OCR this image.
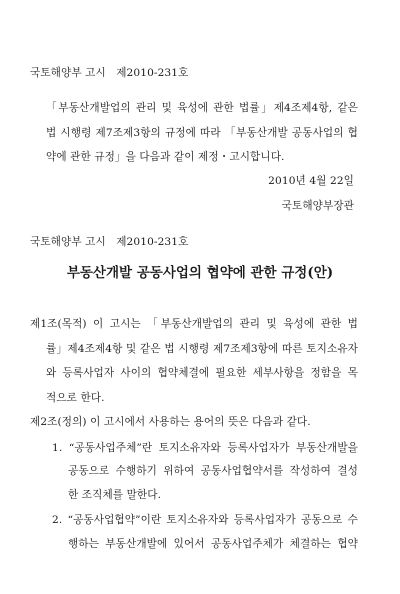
국토해양부 고시 제2010-231호
「부동산개발업의 관리 및 육성에 관한 법률」제4조제4항, 같은
법 시행령 제7조제3항의 규정에 따라 「부동산개발 공동사업의 협
약에 관한 규정」을 다음과 같이 제정・고시합니다.
2010년 4월 22일
국토해양부장관
국토해양부 고시 제2010-231호
부동산개발 공동사업의 협약에 관한 규정(안)
제1조(목적) 이 고시는 「부동산개발업의 관리 및 육성에 관한 법
률」제4조제4항 및 같은 법 시행령 제7조제3항에 따른 토지소유자
와 등록사업자 사이의 협약체결에 필요한 세부사항을 정함을 목
적으로 한다.
제2조(정의) 이 고시에서 사용하는 용어의 뜻은 다음과 같다.
1. “공동사업주체”란 토지소유자와 등록사업자가 부동산개발을
공동으로 수행하기 위하여 공동사업협약서를 작성하여 결성
한 조직체를 말한다.
2. “공동사업협약”이란 토지소유자와 등록사업자가 공동으로 수
행하는 부동산개발에 있어서 공동사업주체가 체결하는 협약
